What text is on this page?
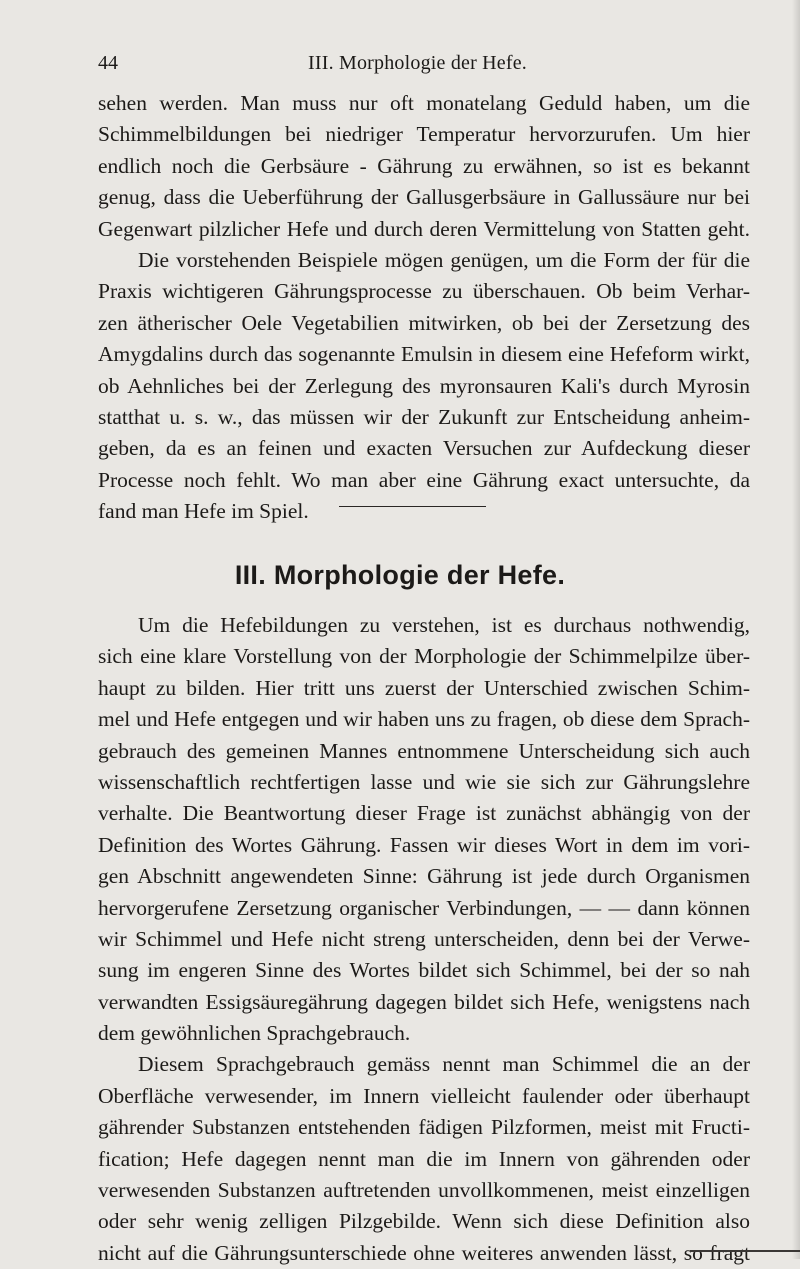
44	III. Morphologie der Hefe.
sehen werden. Man muss nur oft monatelang Geduld haben, um die
Schimmelbildungen bei niedriger Temperatur hervorzurufen. Um hier
endlich noch die Gerbsäure - Gährung zu erwähnen, so ist es bekannt
genug, dass die Ueberführung der Gallusgerbsäure in Gallussäure nur bei
Gegenwart pilzlicher Hefe und durch deren Vermittelung von Statten geht.
Die vorstehenden Beispiele mögen genügen, um die Form der für die
Praxis wichtigeren Gährungsprocesse zu überschauen. Ob beim Verhar-
zen ätherischer Oele Vegetabilien mitwirken, ob bei der Zersetzung des
Amygdalins durch das sogenannte Emulsin in diesem eine Hefeform wirkt,
ob Aehnliches bei der Zerlegung des myronsauren Kali's durch Myrosin
statthat u. s. w., das müssen wir der Zukunft zur Entscheidung anheim-
geben, da es an feinen und exacten Versuchen zur Aufdeckung dieser
Processe noch fehlt. Wo man aber eine Gährung exact untersuchte, da
fand man Hefe im Spiel.
III. Morphologie der Hefe.
Um die Hefebildungen zu verstehen, ist es durchaus nothwendig,
sich eine klare Vorstellung von der Morphologie der Schimmelpilze über-
haupt zu bilden. Hier tritt uns zuerst der Unterschied zwischen Schim-
mel und Hefe entgegen und wir haben uns zu fragen, ob diese dem Sprach-
gebrauch des gemeinen Mannes entnommene Unterscheidung sich auch
wissenschaftlich rechtfertigen lasse und wie sie sich zur Gährungslehre
verhalte. Die Beantwortung dieser Frage ist zunächst abhängig von der
Definition des Wortes Gährung. Fassen wir dieses Wort in dem im vori-
gen Abschnitt angewendeten Sinne: Gährung ist jede durch Organismen
hervorgerufene Zersetzung organischer Verbindungen, — — dann können
wir Schimmel und Hefe nicht streng unterscheiden, denn bei der Verwe-
sung im engeren Sinne des Wortes bildet sich Schimmel, bei der so nah
verwandten Essigsäuregährung dagegen bildet sich Hefe, wenigstens nach
dem gewöhnlichen Sprachgebrauch.
Diesem Sprachgebrauch gemäss nennt man Schimmel die an der
Oberfläche verwesender, im Innern vielleicht faulender oder überhaupt
gährender Substanzen entstehenden fädigen Pilzformen, meist mit Fructi-
fication; Hefe dagegen nennt man die im Innern von gährenden oder
verwesenden Substanzen auftretenden unvollkommenen, meist einzelligen
oder sehr wenig zelligen Pilzgebilde. Wenn sich diese Definition also
nicht auf die Gährungsunterschiede ohne weiteres anwenden lässt, so fragt
